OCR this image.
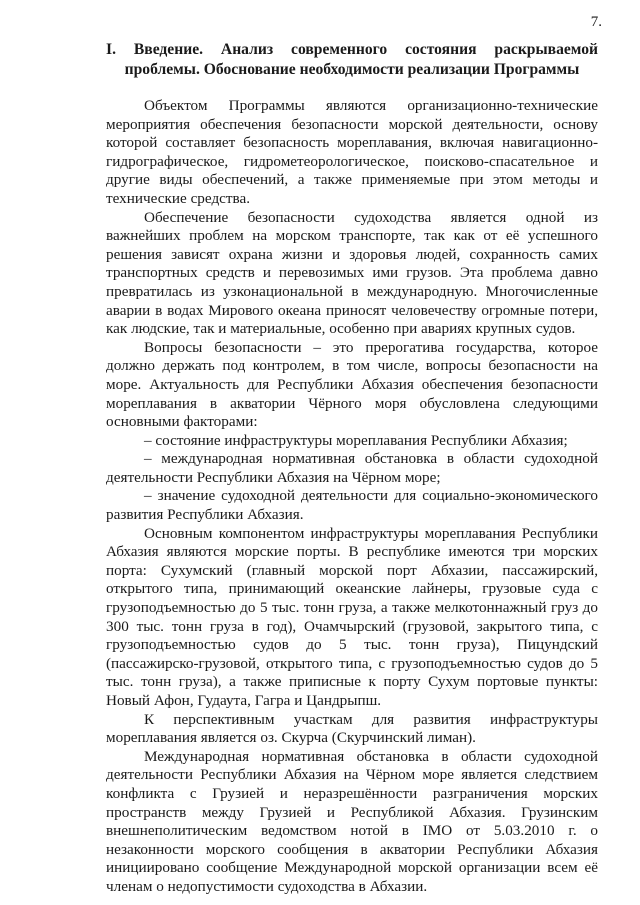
7.
I. Введение. Анализ современного состояния раскрываемой проблемы. Обоснование необходимости реализации Программы

Объектом Программы являются организационно-технические мероприятия обеспечения безопасности морской деятельности, основу которой составляет безопасность мореплавания, включая навигационно-гидрографическое, гидрометеорологическое, поисково-спасательное и другие виды обеспечений, а также применяемые при этом методы и технические средства.

Обеспечение безопасности судоходства является одной из важнейших проблем на морском транспорте, так как от её успешного решения зависят охрана жизни и здоровья людей, сохранность самих транспортных средств и перевозимых ими грузов. Эта проблема давно превратилась из узконациональной в международную. Многочисленные аварии в водах Мирового океана приносят человечеству огромные потери, как людские, так и материальные, особенно при авариях крупных судов.

Вопросы безопасности – это прерогатива государства, которое должно держать под контролем, в том числе, вопросы безопасности на море. Актуальность для Республики Абхазия обеспечения безопасности мореплавания в акватории Чёрного моря обусловлена следующими основными факторами:

– состояние инфраструктуры мореплавания Республики Абхазия;

– международная нормативная обстановка в области судоходной деятельности Республики Абхазия на Чёрном море;

– значение судоходной деятельности для социально-экономического развития Республики Абхазия.

Основным компонентом инфраструктуры мореплавания Республики Абхазия являются морские порты. В республике имеются три морских порта: Сухумский (главный морской порт Абхазии, пассажирский, открытого типа, принимающий океанские лайнеры, грузовые суда с грузоподъемностью до 5 тыс. тонн груза, а также мелкотоннажный груз до 300 тыс. тонн груза в год), Очамчырский (грузовой, закрытого типа, с грузоподъемностью судов до 5 тыс. тонн груза), Пицундский (пассажирско-грузовой, открытого типа, с грузоподъемностью судов до 5 тыс. тонн груза), а также приписные к порту Сухум портовые пункты: Новый Афон, Гудаута, Гагра и Цандрыпш.

К перспективным участкам для развития инфраструктуры мореплавания является оз. Скурча (Скурчинский лиман).

Международная нормативная обстановка в области судоходной деятельности Республики Абхазия на Чёрном море является следствием конфликта с Грузией и неразрешённости разграничения морских пространств между Грузией и Республикой Абхазия. Грузинским внешнеполитическим ведомством нотой в IMO от 5.03.2010 г. о незаконности морского сообщения в акватории Республики Абхазия инициировано сообщение Международной морской организации всем её членам о недопустимости судоходства в Абхазии.
